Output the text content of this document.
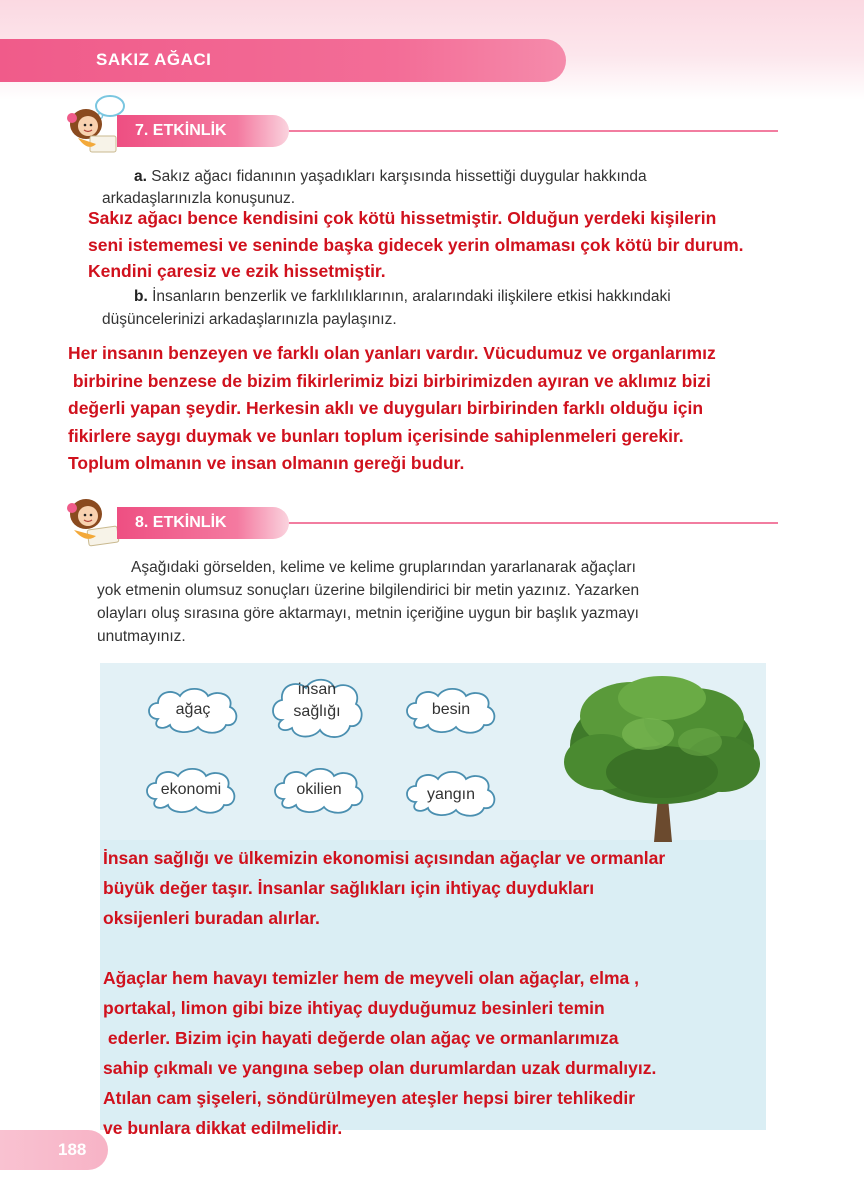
SAKIZ AĞACI
7. ETKİNLİK
a. Sakız ağacı fidanının yaşadıkları karşısında hissettiği duygular hakkında
arkadaşlarınızla konuşunuz.
Sakız ağacı bence kendisini çok kötü hissetmiştir. Olduğun yerdeki kişilerin
seni istememesi ve seninde başka gidecek yerin olmaması çok kötü bir durum.
Kendini çaresiz ve ezik hissetmiştir.
b. İnsanların benzerlik ve farklılıklarının, aralarındaki ilişkilere etkisi hakkındaki
düşüncelerinizi arkadaşlarınızla paylaşınız.
Her insanın benzeyen ve farklı olan yanları vardır. Vücudumuz ve organlarımız
birbirine benzese de bizim fikirlerimiz bizi birbirimizden ayıran ve aklımız bizi
değerli yapan şeydir. Herkesin aklı ve duyguları birbirinden farklı olduğu için
fikirlere saygı duymak ve bunları toplum içerisinde sahiplenmeleri gerekir.
Toplum olmanın ve insan olmanın gereği budur.
8. ETKİNLİK
Aşağıdaki görselden, kelime ve kelime gruplarından yararlanarak ağaçları
yok etmenin olumsuz sonuçları üzerine bilgilendirici bir metin yazınız. Yazarken
olayları oluş sırasına göre aktarmayı, metnin içeriğine uygun bir başlık yazmayı
unutmayınız.
ağaç
insan
sağlığı	besin
ekonomi	okilien	yangın
İnsan sağlığı ve ülkemizin ekonomisi açısından ağaçlar ve ormanlar
büyük değer taşır. İnsanlar sağlıkları için ihtiyaç duydukları
oksijenleri buradan alırlar.
Ağaçlar hem havayı temizler hem de meyveli olan ağaçlar, elma ,
portakal, limon gibi bize ihtiyaç duyduğumuz besinleri temin
ederler. Bizim için hayati değerde olan ağaç ve ormanlarımıza
sahip çıkmalı ve yangına sebep olan durumlardan uzak durmalıyız.
Atılan cam şişeleri, söndürülmeyen ateşler hepsi birer tehlikedir
ve bunlara dikkat edilmelidir.
188
